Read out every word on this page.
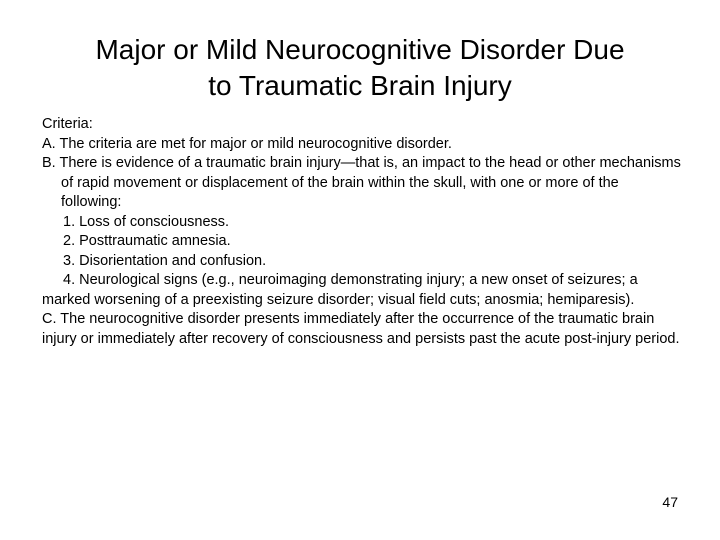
Major or Mild Neurocognitive Disorder Due
to Traumatic Brain Injury

Criteria:

A. The criteria are met for major or mild neurocognitive disorder.

B. There is evidence of a traumatic brain injury—that is, an impact to the head or other mechanisms of rapid movement or displacement of the brain within the skull, with one or more of the following:

1. Loss of consciousness.

2. Posttraumatic amnesia.

3. Disorientation and confusion.

4. Neurological signs (e.g., neuroimaging demonstrating injury; a new onset of seizures; a marked worsening of a preexisting seizure disorder; visual field cuts; anosmia; hemiparesis).

C. The neurocognitive disorder presents immediately after the occurrence of the traumatic brain injury or immediately after recovery of consciousness and persists past the acute post-injury period.

47
